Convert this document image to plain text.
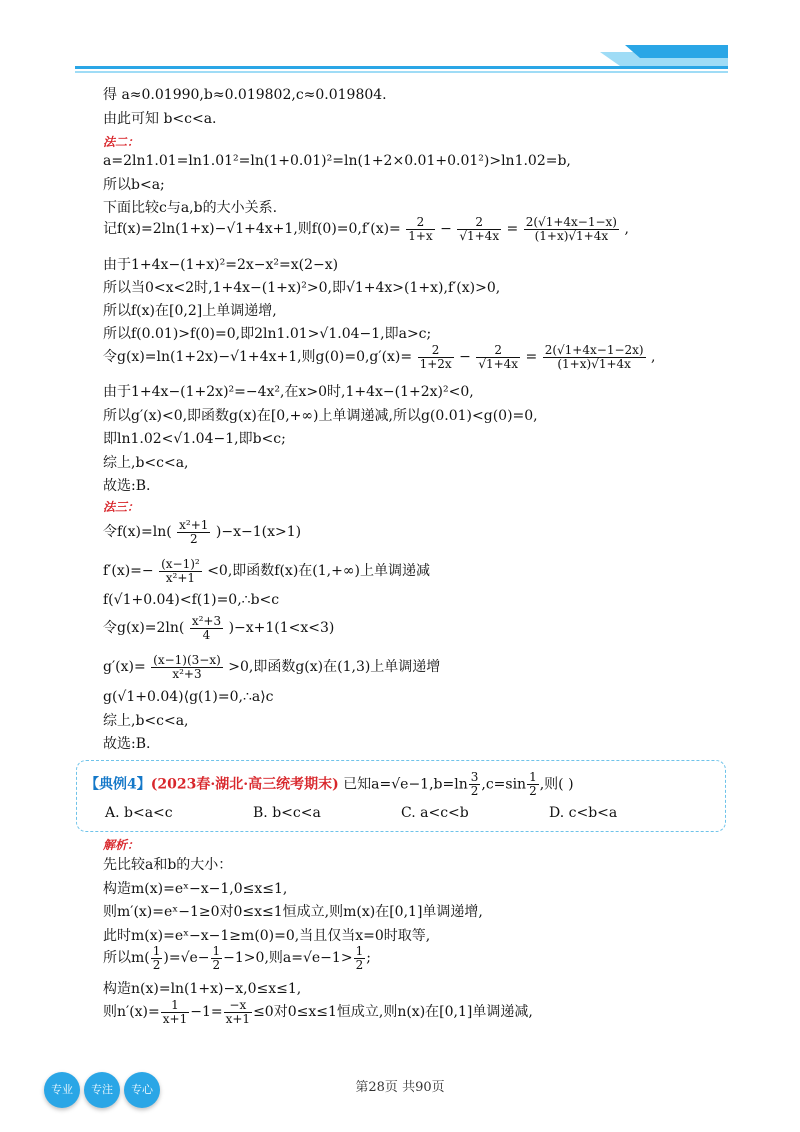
得 a≈0.01990,b≈0.019802,c≈0.019804.
由此可知 b<c<a.
法二：
a=2ln1.01=ln1.01²=ln(1+0.01)²=ln(1+2×0.01+0.01²)>ln1.02=b,
所以b<a;
下面比较c与a,b的大小关系.
记f(x)=2ln(1+x)−√1+4x+1,则$f(0)=0,f'(x)= \frac{2}{1+x} - \frac{2}{√1+4x} = \frac{2(√1+4x-1-x)}{(1+x)√1+4x}$ ,
由于1+4x−(1+x)²=2x−x²=x(2−x)
所以当0<x<2时,1+4x−(1+x)²>0,即√1+4x>(1+x),f′(x)>0,
所以f(x)在[0,2]上单调递增,
所以f(0.01)>f(0)=0,即2ln1.01>√1.04−1,即a>c;
令g(x)=ln(1+2x)−√1+4x+1,则$g(0)=0,g'(x)= \frac{2}{1+2x} - \frac{2}{√1+4x} = \frac{2(√1+4x-1-2x)}{(1+x)√1+4x}$ ,
由于1+4x−(1+2x)²=−4x²,在x>0时,1+4x−(1+2x)²<0,
所以g′(x)<0,即函数g(x)在[0,+∞)上单调递减,所以g(0.01)<g(0)=0,
即ln1.02<√1.04−1,即b<c;
综上,b<c<a,
故选:B.
法三：
令$f(x)=\ln( \frac{\text{x²+1}}{2} )-x-1(x>1)$
$f'(x)=- \frac{\text{(x−1)²}}{\text{x²+1}} <0$,即函数f(x)在(1,+∞)上单调递减
f(√1+0.04)<f(1)=0,∴b<c
令$g(x)=2\ln( \frac{\text{x²+3}}{4} )-x+1(1<x<3)$
$g'(x)= \frac{(x-1)(3-x)}{\text{x²+3}} >0$,即函数g(x)在(1,3)上单调递增
g(√1+0.04)⟨g(1)=0,∴a⟩c
综上,b<c<a,
故选:B.
【典例4】(2023春·湖北·高三统考期末) 已知$a=√e-1,b=\ln \frac{3}{2} ,c=\sin \frac{1}{2}$ ,则( )
A. b<a<c	B. b<c<a	C. a<c<b	D. c<b<a
解析：
先比较a和b的大小：
构造m(x)=eˣ−x−1,0≤x≤1,
则m′(x)=eˣ−1≥0对0≤x≤1恒成立,则m(x)在[0,1]单调递增,
此时m(x)=eˣ−x−1≥m(0)=0,当且仅当x=0时取等,
所以$m( \frac{1}{2} )=√e- \frac{1}{2} -1>0$,则$a=√e-1> \frac{1}{2}$ ;
构造n(x)=ln(1+x)−x,0≤x≤1,
则$n'(x)= \frac{1}{x+1} -1= \frac{-x}{x+1} \le 0$对0≤x≤1恒成立,则n(x)在[0,1]单调递减,
专业	专注	专心	第28页 共90页
